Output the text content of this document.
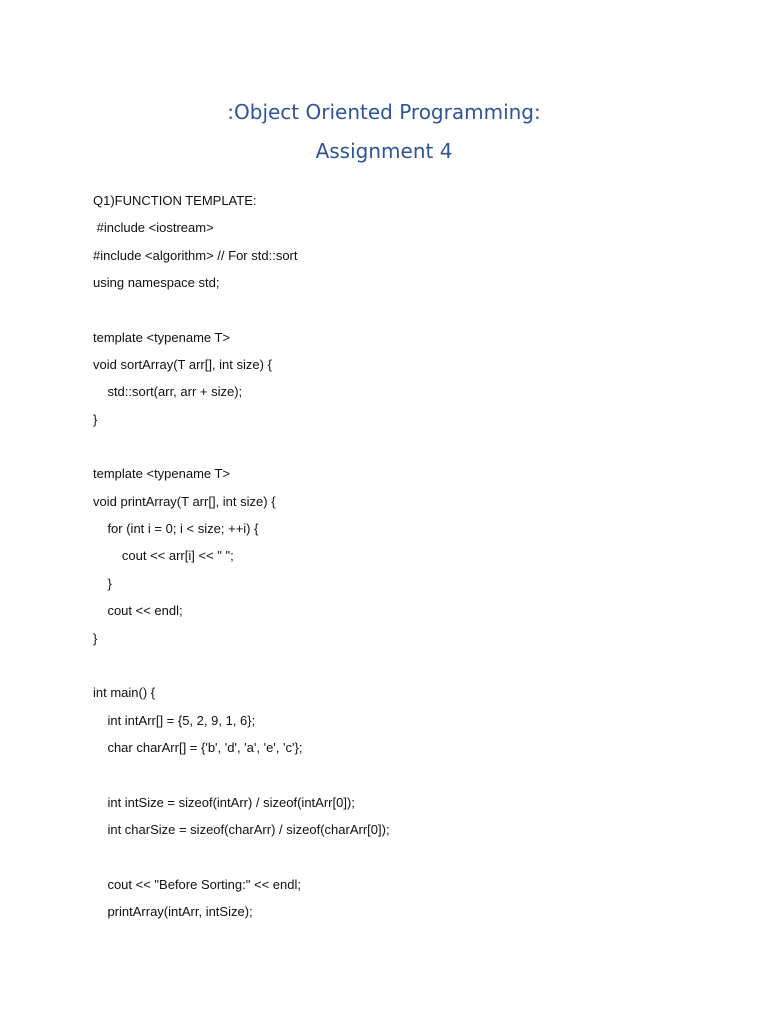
:Object Oriented Programming:
Assignment 4
Q1)FUNCTION TEMPLATE:
#include <iostream>
#include <algorithm> // For std::sort
using namespace std;
template <typename T>
void sortArray(T arr[], int size) {
std::sort(arr, arr + size);
}
template <typename T>
void printArray(T arr[], int size) {
for (int i = 0; i < size; ++i) {
cout << arr[i] << " ";
}
cout << endl;
}
int main() {
int intArr[] = {5, 2, 9, 1, 6};
char charArr[] = {'b', 'd', 'a', 'e', 'c'};
int intSize = sizeof(intArr) / sizeof(intArr[0]);
int charSize = sizeof(charArr) / sizeof(charArr[0]);
cout << "Before Sorting:" << endl;
printArray(intArr, intSize);
